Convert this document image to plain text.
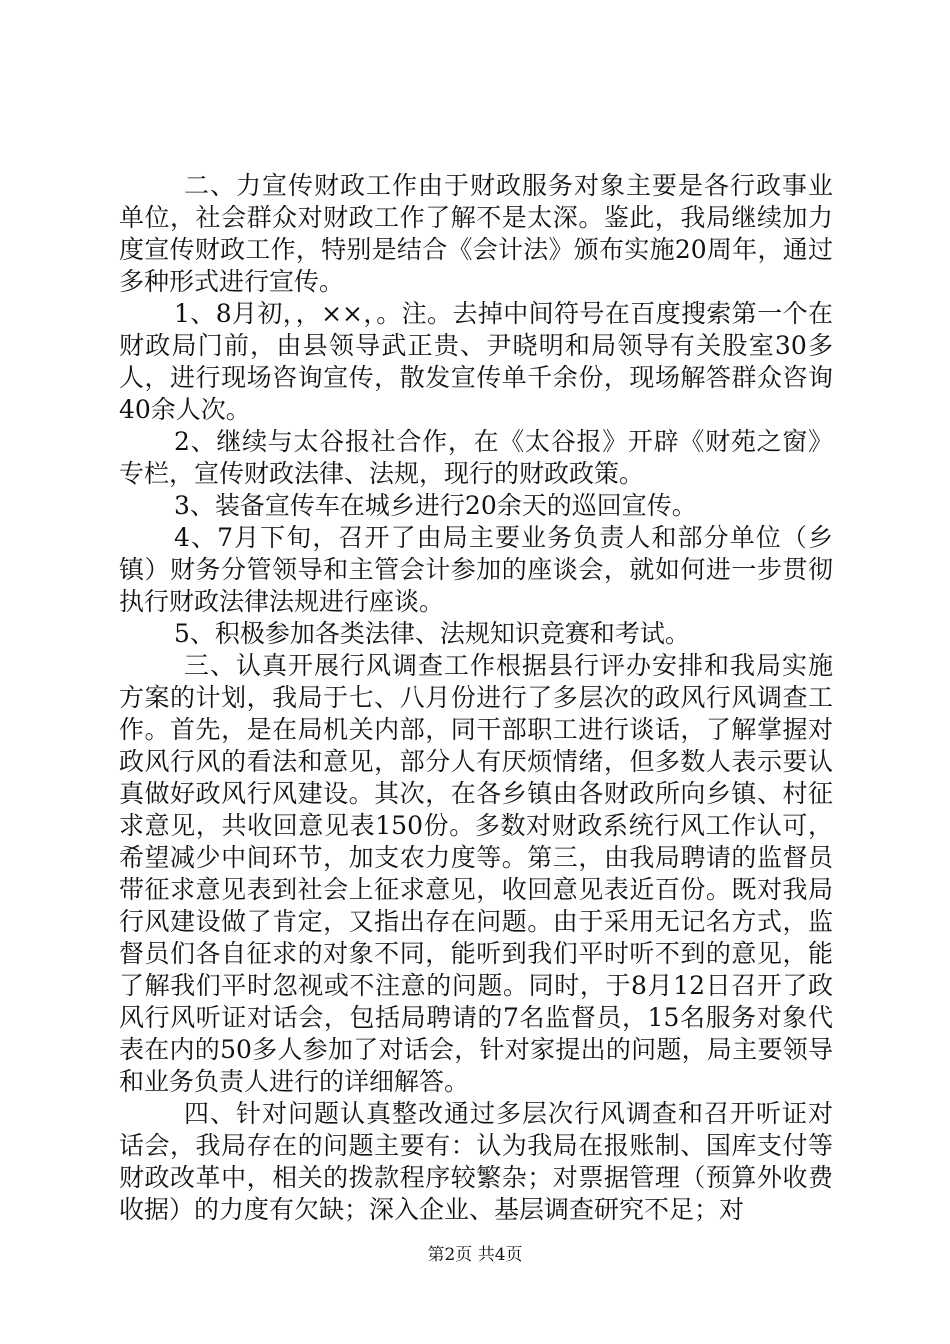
二、力宣传财政工作由于财政服务对象主要是各行政事业单位，社会群众对财政工作了解不是太深。鉴此，我局继续加力度宣传财政工作，特别是结合《会计法》颁布实施20周年，通过多种形式进行宣传。

1、8月初，，××，。注。去掉中间符号在百度搜索第一个在财政局门前，由县领导武正贵、尹晓明和局领导有关股室30多人，进行现场咨询宣传，散发宣传单千余份，现场解答群众咨询40余人次。

2、继续与太谷报社合作，在《太谷报》开辟《财苑之窗》专栏，宣传财政法律、法规，现行的财政政策。

3、装备宣传车在城乡进行20余天的巡回宣传。

4、7月下旬，召开了由局主要业务负责人和部分单位（乡镇）财务分管领导和主管会计参加的座谈会，就如何进一步贯彻执行财政法律法规进行座谈。

5、积极参加各类法律、法规知识竞赛和考试。

三、认真开展行风调查工作根据县行评办安排和我局实施方案的计划，我局于七、八月份进行了多层次的政风行风调查工作。首先，是在局机关内部，同干部职工进行谈话，了解掌握对政风行风的看法和意见，部分人有厌烦情绪，但多数人表示要认真做好政风行风建设。其次，在各乡镇由各财政所向乡镇、村征求意见，共收回意见表150份。多数对财政系统行风工作认可，希望减少中间环节，加支农力度等。第三，由我局聘请的监督员带征求意见表到社会上征求意见，收回意见表近百份。既对我局行风建设做了肯定，又指出存在问题。由于采用无记名方式，监督员们各自征求的对象不同，能听到我们平时听不到的意见，能了解我们平时忽视或不注意的问题。同时，于8月12日召开了政风行风听证对话会，包括局聘请的7名监督员，15名服务对象代表在内的50多人参加了对话会，针对家提出的问题，局主要领导和业务负责人进行的详细解答。

四、针对问题认真整改通过多层次行风调查和召开听证对话会，我局存在的问题主要有：认为我局在报账制、国库支付等财政改革中，相关的拨款程序较繁杂；对票据管理（预算外收费收据）的力度有欠缺；深入企业、基层调查研究不足；对

第2页 共4页
